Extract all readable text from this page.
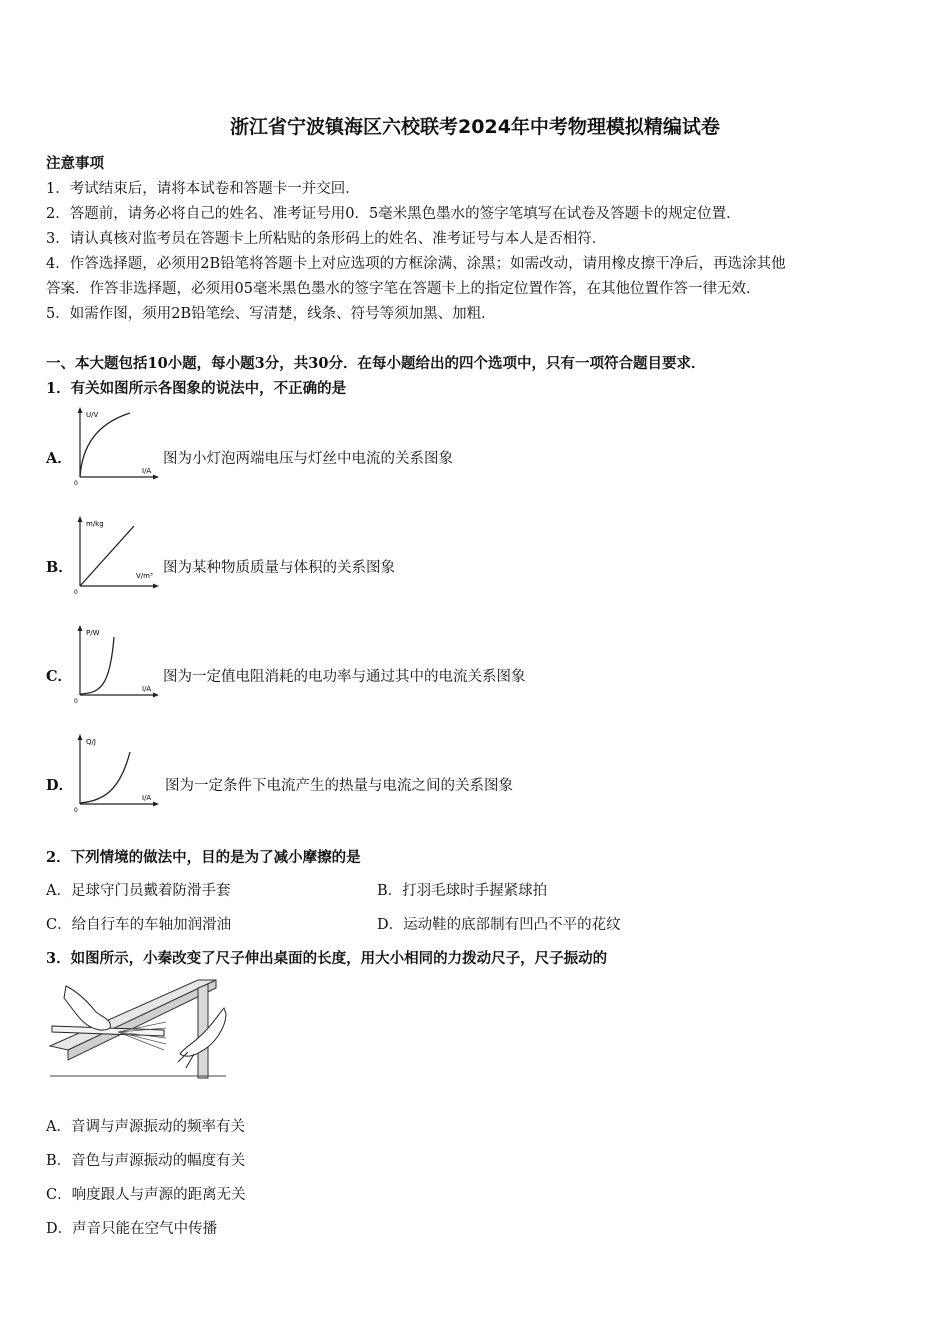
浙江省宁波镇海区六校联考2024年中考物理模拟精编试卷
注意事项
1．考试结束后，请将本试卷和答题卡一并交回．
2．答题前，请务必将自己的姓名、准考证号用0．5毫米黑色墨水的签字笔填写在试卷及答题卡的规定位置．
3．请认真核对监考员在答题卡上所粘贴的条形码上的姓名、准考证号与本人是否相符．
4．作答选择题，必须用2B铅笔将答题卡上对应选项的方框涂满、涂黑；如需改动，请用橡皮擦干净后，再选涂其他
答案．作答非选择题，必须用05毫米黑色墨水的签字笔在答题卡上的指定位置作答，在其他位置作答一律无效．
5．如需作图，须用2B铅笔绘、写清楚，线条、符号等须加黑、加粗．
一、本大题包括10小题，每小题3分，共30分．在每小题给出的四个选项中，只有一项符合题目要求．
1．有关如图所示各图象的说法中，不正确的是
A．
U/V
I/A
0
图为小灯泡两端电压与灯丝中电流的关系图象
B．
m/kg
V/m³
0
图为某种物质质量与体积的关系图象
C．
P/W
I/A
0
图为一定值电阻消耗的电功率与通过其中的电流关系图象
D．
Q/J
I/A
0
图为一定条件下电流产生的热量与电流之间的关系图象
2．下列情境的做法中，目的是为了减小摩擦的是
A．足球守门员戴着防滑手套	B．打羽毛球时手握紧球拍
C．给自行车的车轴加润滑油	D．运动鞋的底部制有凹凸不平的花纹
3．如图所示，小秦改变了尺子伸出桌面的长度，用大小相同的力拨动尺子，尺子振动的
A．音调与声源振动的频率有关
B．音色与声源振动的幅度有关
C．响度跟人与声源的距离无关
D．声音只能在空气中传播
